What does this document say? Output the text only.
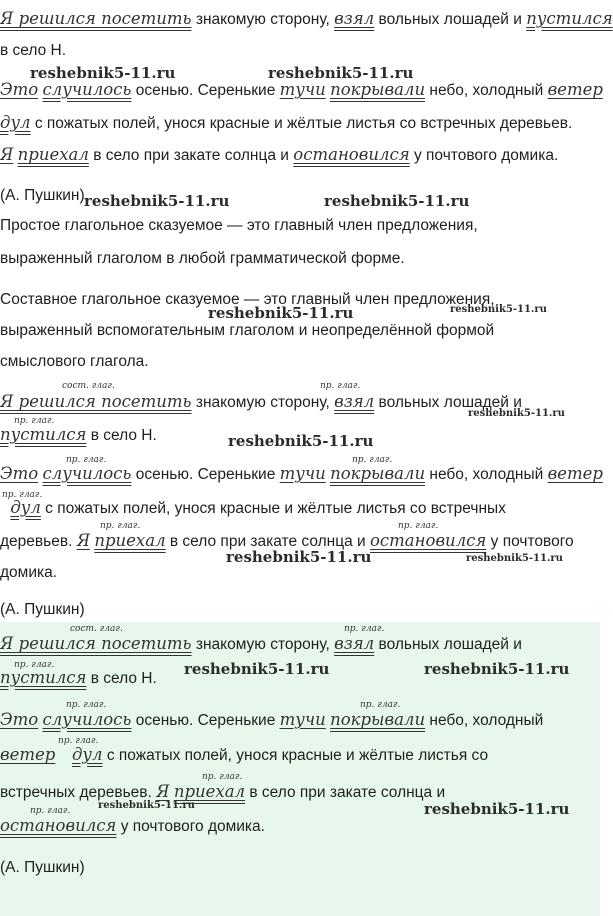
Я решился посетить знакомую сторону, взял вольных лошадей и пустился
в село Н.
Это случилось осенью. Серенькие тучи покрывали небо, холодный ветер
дул с пожатых полей, унося красные и жёлтые листья со встречных деревьев.
Я приехал в село при закате солнца и остановился у почтового домика.
(А. Пушкин)
Простое глагольное сказуемое — это главный член предложения,
выраженный глаголом в любой грамматической форме.
Составное глагольное сказуемое — это главный член предложения,
выраженный вспомогательным глаголом и неопределённой формой
смыслового глагола.
сост. глаг.	пр. глаг.
Я решился посетить знакомую сторону, взял вольных лошадей и
пр. глаг.
пустился в село Н.
пр. глаг.	пр. глаг.
Это случилось осенью. Серенькие тучи покрывали небо, холодный ветер
пр. глаг.
дул с пожатых полей, унося красные и жёлтые листья со встречных
пр. глаг.	пр. глаг.
деревьев. Я приехал в село при закате солнца и остановился у почтового
домика.
(А. Пушкин)
сост. глаг.	пр. глаг.
Я решился посетить знакомую сторону, взял вольных лошадей и
пр. глаг.
пустился в село Н.
пр. глаг.	пр. глаг.
Это случилось осенью. Серенькие тучи покрывали небо, холодный
пр. глаг.
ветер дул с пожатых полей, унося красные и жёлтые листья со
пр. глаг.
встречных деревьев. Я приехал в село при закате солнца и
пр. глаг.
остановился у почтового домика.
(А. Пушкин)
reshebnik5-11.ru	reshebnik5-11.ru
reshebnik5-11.ru	reshebnik5-11.ru
reshebnik5-11.ru	reshebnik5-11.ru
reshebnik5-11.ru
reshebnik5-11.ru
reshebnik5-11.ru	reshebnik5-11.ru
reshebnik5-11.ru	reshebnik5-11.ru
reshebnik5-11.ru	reshebnik5-11.ru
